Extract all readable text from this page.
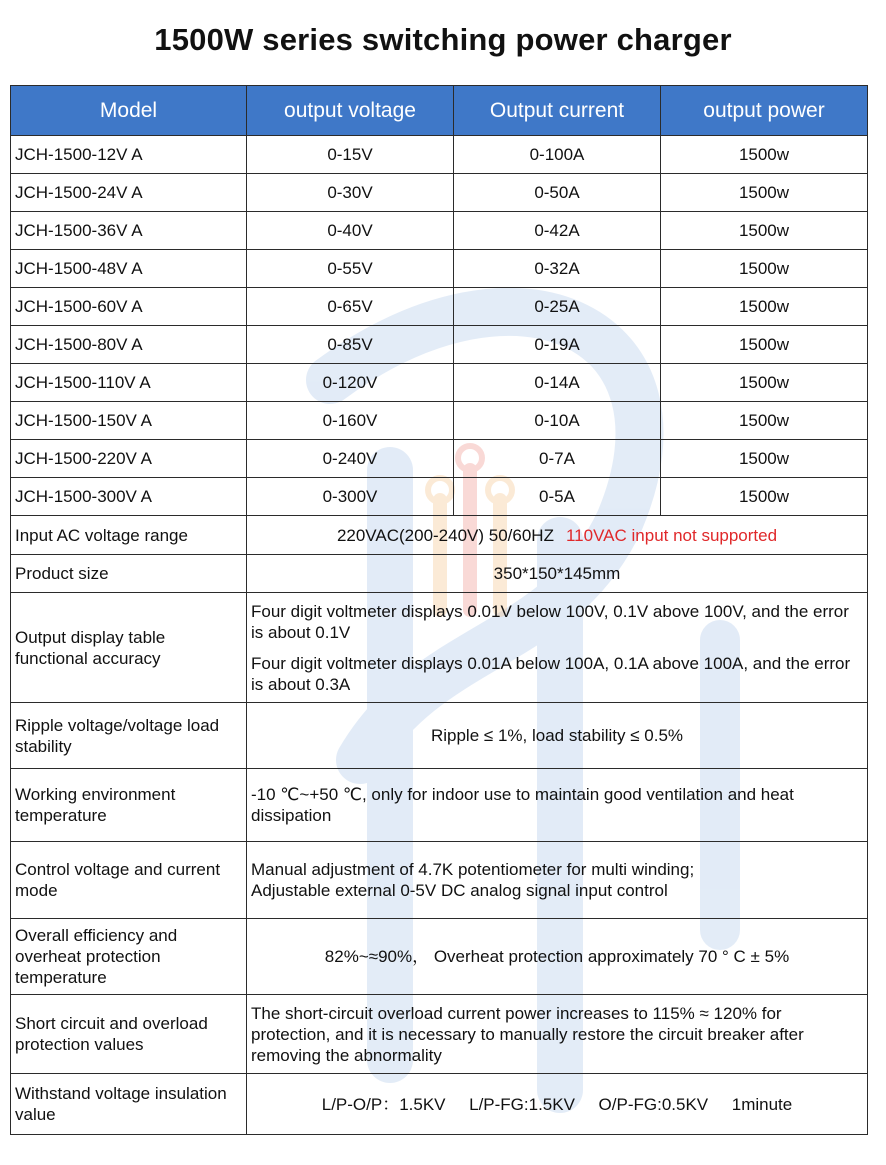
1500W series switching power charger
Model	output voltage	Output current	output power
JCH-1500-12V A	0-15V	0-100A	1500w
JCH-1500-24V A	0-30V	0-50A	1500w
JCH-1500-36V A	0-40V	0-42A	1500w
JCH-1500-48V A	0-55V	0-32A	1500w
JCH-1500-60V A	0-65V	0-25A	1500w
JCH-1500-80V A	0-85V	0-19A	1500w
JCH-1500-110V A	0-120V	0-14A	1500w
JCH-1500-150V A	0-160V	0-10A	1500w
JCH-1500-220V A	0-240V	0-7A	1500w
JCH-1500-300V A	0-300V	0-5A	1500w
Input AC voltage range	220VAC(200-240V) 50/60HZ 110VAC input not supported		
Product size	350*150*145mm		
Output display table functional accuracy	Four digit voltmeter displays 0.01V below 100V, 0.1V above 100V, and the error is about 0.1V
Four digit voltmeter displays 0.01A below 100A, 0.1A above 100A, and the error is about 0.3A		

Ripple voltage/voltage load stability	Ripple ≤ 1%, load stability ≤ 0.5%		
Working environment temperature	-10 ℃~+50 ℃, only for indoor use to maintain good ventilation and heat dissipation		
Control voltage and current mode	Manual adjustment of 4.7K potentiometer for multi winding;
Adjustable external 0-5V DC analog signal input control		

Overall efficiency and overheat protection temperature	82%~≈90%， Overheat protection approximately 70 ° C ± 5%		
Short circuit and overload protection values	The short-circuit overload current power increases to 115% ≈ 120% for protection, and it is necessary to manually restore the circuit breaker after removing the abnormality		
Withstand voltage insulation value	L/P-O/P：1.5KV     L/P-FG:1.5KV     O/P-FG:0.5KV     1minute		
